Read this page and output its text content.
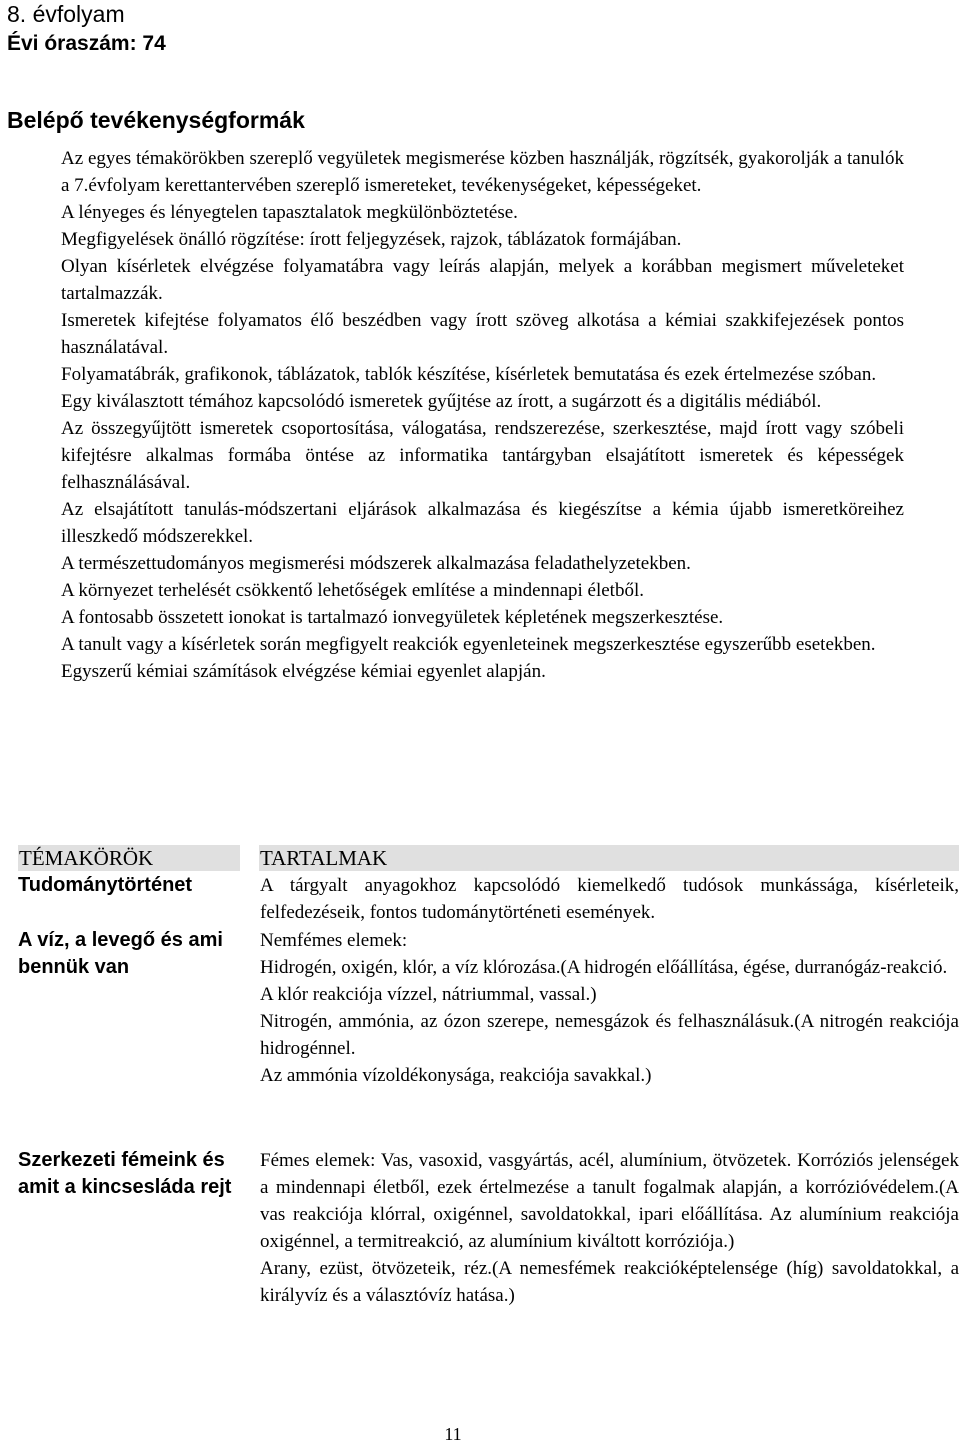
8. évfolyam
Évi óraszám: 74
Belépő tevékenységformák

Az egyes témakörökben szereplő vegyületek megismerése közben használják, rögzítsék, gyakorolják a tanulók a 7.évfolyam kerettantervében szereplő ismereteket, tevékenységeket, képességeket.

A lényeges és lényegtelen tapasztalatok megkülönböztetése.

Megfigyelések önálló rögzítése: írott feljegyzések, rajzok, táblázatok formájában.

Olyan kísérletek elvégzése folyamatábra vagy leírás alapján, melyek a korábban megismert műveleteket tartalmazzák.

Ismeretek kifejtése folyamatos élő beszédben vagy írott szöveg alkotása a kémiai szakkifejezések pontos használatával.

Folyamatábrák, grafikonok, táblázatok, tablók készítése, kísérletek bemutatása és ezek értelmezése szóban.

Egy kiválasztott témához kapcsolódó ismeretek gyűjtése az írott, a sugárzott és a digitális médiából.

Az összegyűjtött ismeretek csoportosítása, válogatása, rendszerezése, szerkesztése, majd írott vagy szóbeli kifejtésre alkalmas formába öntése az informatika tantárgyban elsajátított ismeretek és képességek felhasználásával.

Az elsajátított tanulás-módszertani eljárások alkalmazása és kiegészítse a kémia újabb ismeretköreihez illeszkedő módszerekkel.

A természettudományos megismerési módszerek alkalmazása feladathelyzetekben.

A környezet terhelését csökkentő lehetőségek említése a mindennapi életből.

A fontosabb összetett ionokat is tartalmazó ionvegyületek képletének megszerkesztése.

A tanult vagy a kísérletek során megfigyelt reakciók egyenleteinek megszerkesztése egyszerűbb esetekben.

Egyszerű kémiai számítások elvégzése kémiai egyenlet alapján.

TÉMAKÖRÖK	TARTALMAK
Tudománytörténet	A tárgyalt anyagokhoz kapcsolódó kiemelkedő tudósok munkássága, kísérleteik, felfedezéseik, fontos tudománytörténeti események.

A víz, a levegő és ami bennük van

Nemfémes elemek:

Hidrogén, oxigén, klór, a víz klórozása.(A hidrogén előállítása, égése, durranógáz-reakció.

A klór reakciója vízzel, nátriummal, vassal.)

Nitrogén, ammónia, az ózon szerepe, nemesgázok és felhasználásuk.(A nitrogén reakciója hidrogénnel.

Az ammónia vízoldékonysága, reakciója savakkal.)

Szerkezeti fémeink és amit a kincsesláda rejt

Fémes elemek: Vas, vasoxid, vasgyártás, acél, alumínium, ötvözetek. Korróziós jelenségek a mindennapi életből, ezek értelmezése a tanult fogalmak alapján, a korrózióvédelem.(A vas reakciója klórral, oxigénnel, savoldatokkal, ipari előállítása. Az alumínium reakciója oxigénnel, a termitreakció, az alumínium kiváltott korróziója.)

Arany, ezüst, ötvözeteik, réz.(A nemesfémek reakcióképtelensége (híg) savoldatokkal, a királyvíz és a választóvíz hatása.)

11
